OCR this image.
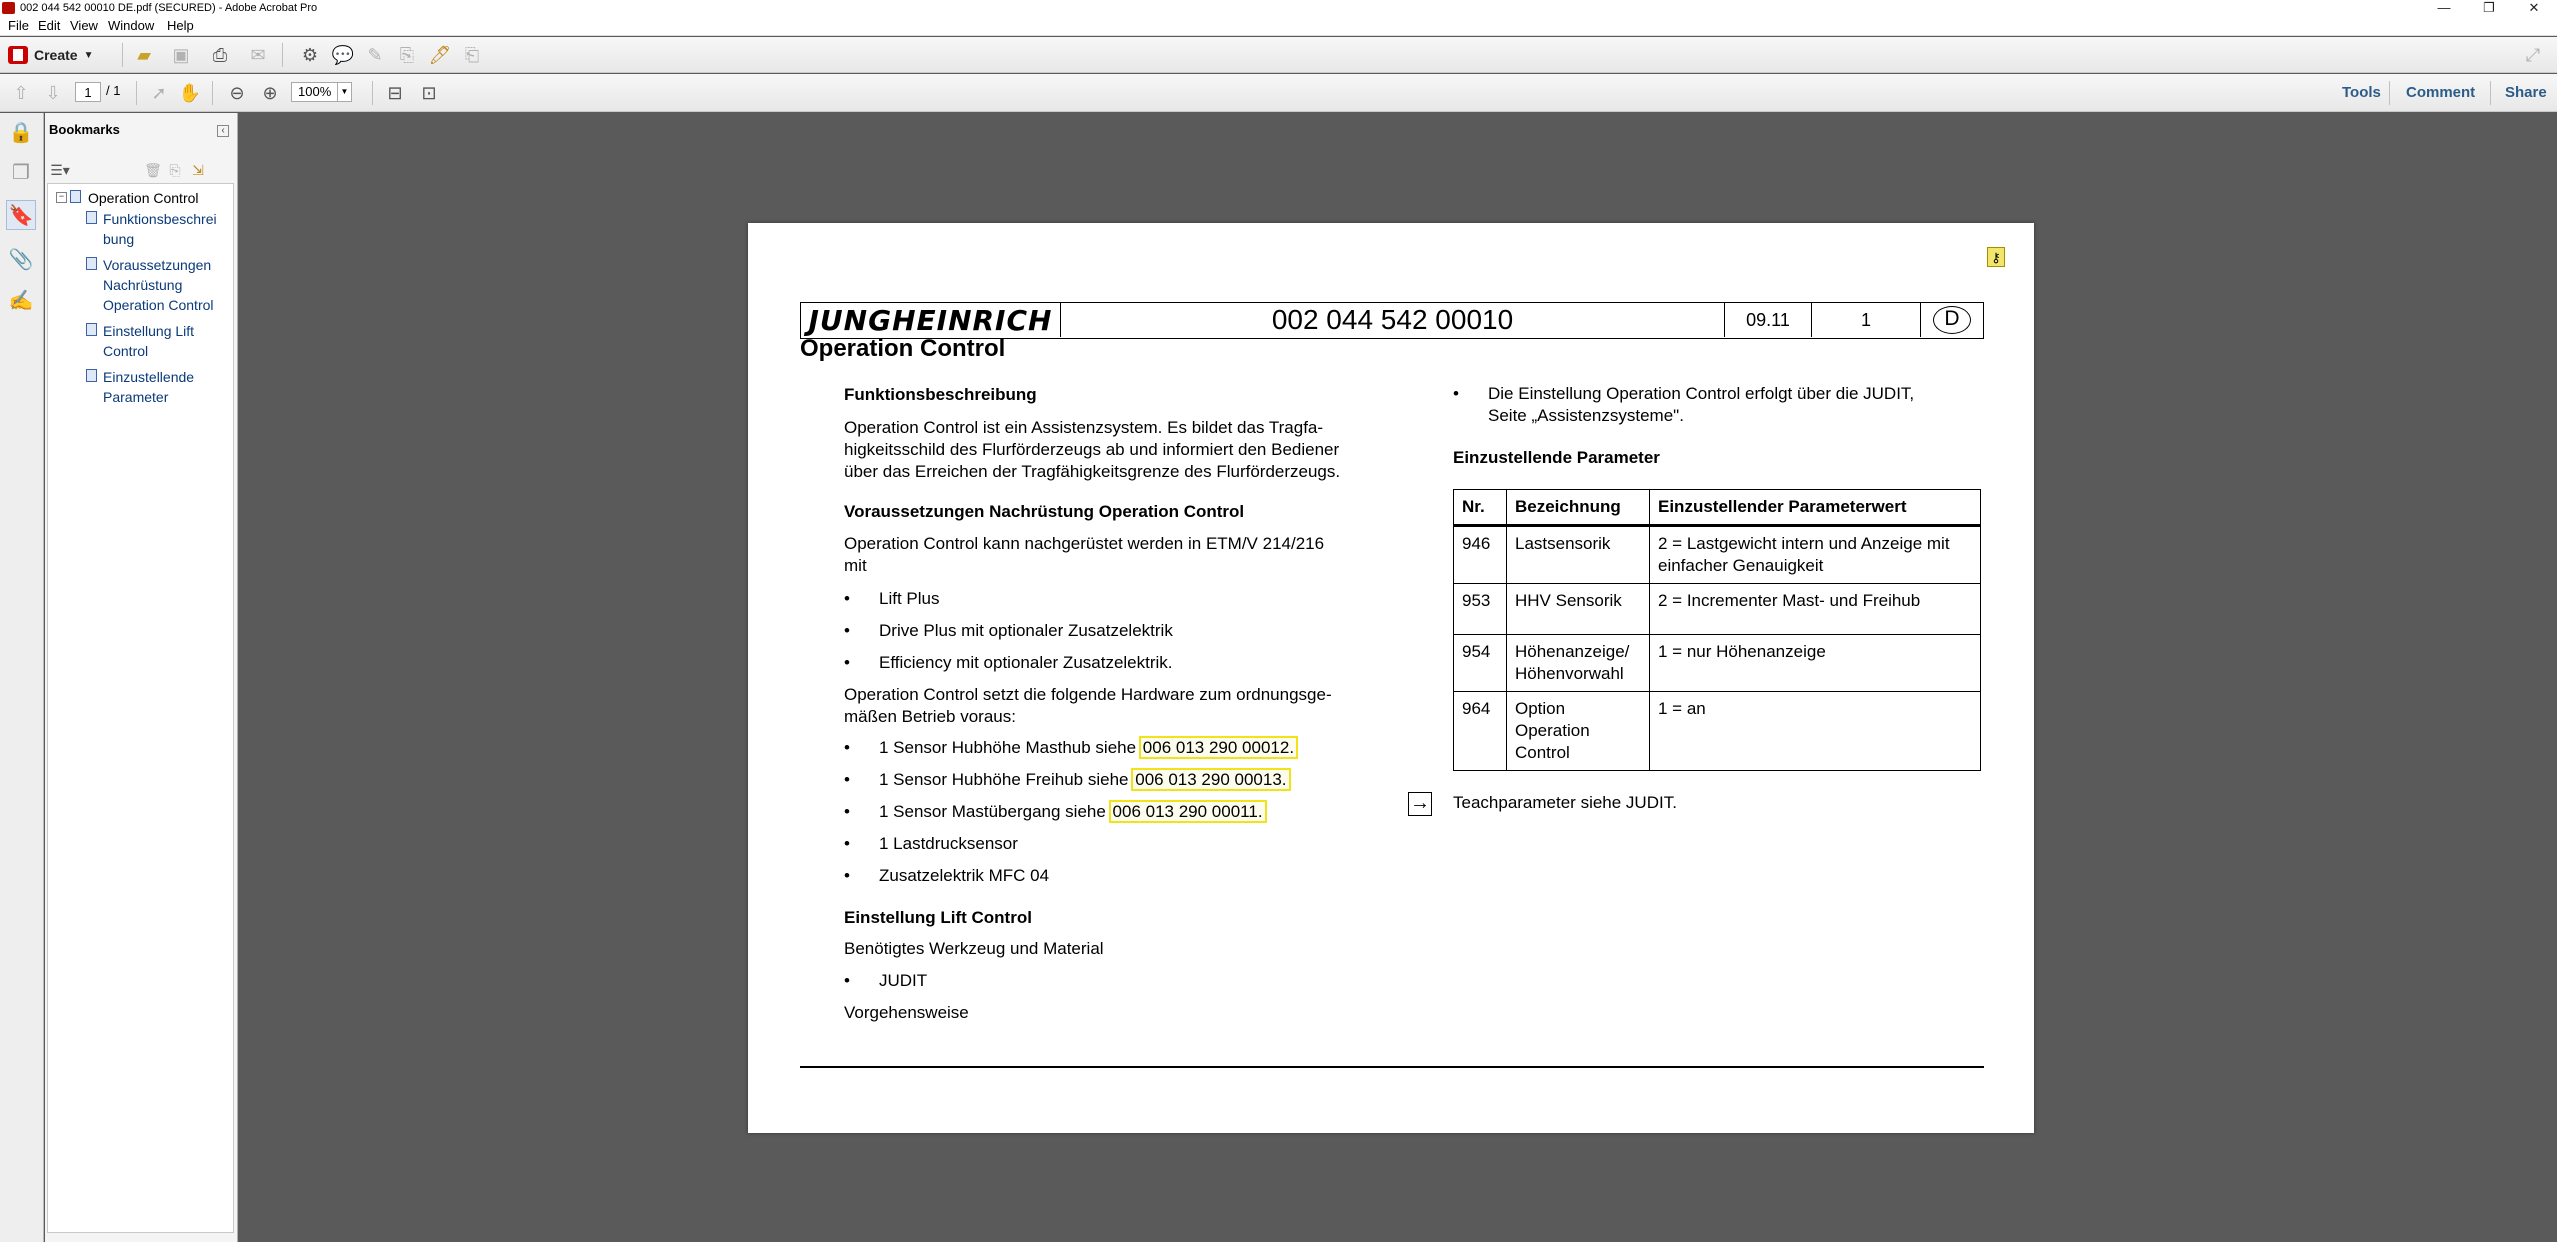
002 044 542 00010 DE.pdf (SECURED) - Adobe Acrobat Pro	—	❐	✕
File Edit View Window Help
Create ▼	▰	▣	⎙	✉	⚙ 💬 ✎ ⎘ 🖊 ⎗	⤢
⇧ ⇩	1	/ 1	➚ ✋	⊖ ⊕	100%	▼	⊟	⊡	Tools Comment Share
🔒
❐
🔖
📎
✍
Bookmarks	‹
☰▾	🗑 ⎘ ⇲
− Operation Control
Funktionsbeschrei
bung
Voraussetzungen
Nachrüstung
Operation Control
Einstellung Lift
Control
Einzustellende
Parameter
⚷
JUNGHEINRICH	002 044 542 00010	09.11	1	D
Operation Control
Funktionsbeschreibung
Operation Control ist ein Assistenzsystem. Es bildet das Tragfa-
higkeitsschild des Flurförderzeugs ab und informiert den Bediener
über das Erreichen der Tragfähigkeitsgrenze des Flurförderzeugs.
Voraussetzungen Nachrüstung Operation Control
Operation Control kann nachgerüstet werden in ETM/V 214/216
mit
• Lift Plus
• Drive Plus mit optionaler Zusatzelektrik
• Efficiency mit optionaler Zusatzelektrik.
Operation Control setzt die folgende Hardware zum ordnungsge-
mäßen Betrieb voraus:
• 1 Sensor Hubhöhe Masthub siehe 006 013 290 00012.
• 1 Sensor Hubhöhe Freihub siehe 006 013 290 00013.
• 1 Sensor Mastübergang siehe 006 013 290 00011.
• 1 Lastdrucksensor
• Zusatzelektrik MFC 04
Einstellung Lift Control
Benötigtes Werkzeug und Material
• JUDIT
Vorgehensweise
• Die Einstellung Operation Control erfolgt über die JUDIT,
Seite „Assistenzsysteme".
Einzustellende Parameter
Nr.	Bezeichnung	Einzustellender Parameterwert
946	Lastsensorik	2 = Lastgewicht intern und Anzeige mit
einfacher Genauigkeit

953	HHV Sensorik	2 = Incrementer Mast- und Freihub

954	Höhenanzeige/
Höhenvorwahl	1 = nur Höhenanzeige

964	Option
Operation
Control	1 = an
→ Teachparameter siehe JUDIT.
